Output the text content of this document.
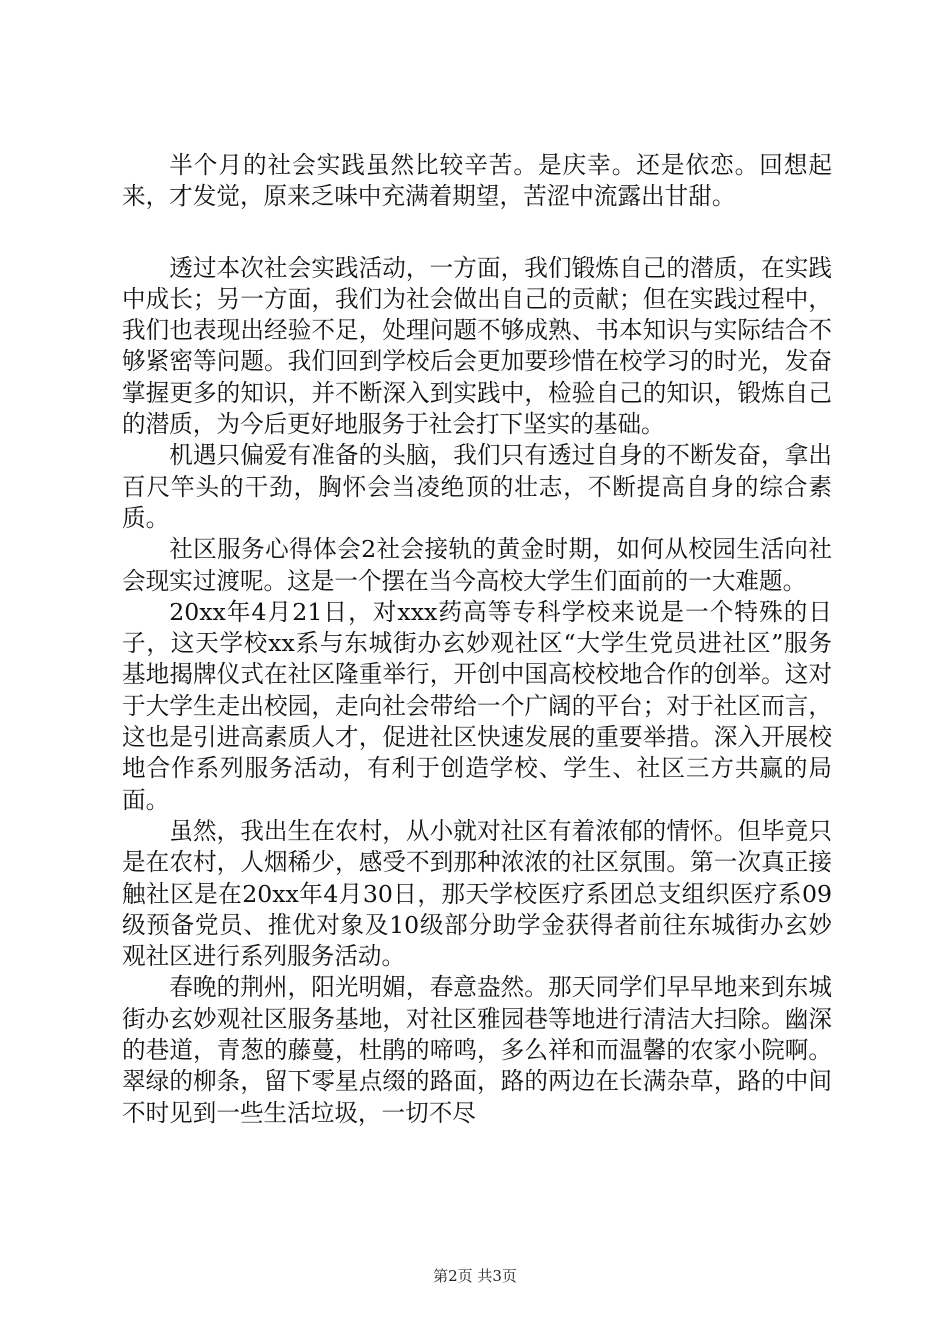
半个月的社会实践虽然比较辛苦。是庆幸。还是依恋。回想起来，才发觉，原来乏味中充满着期望，苦涩中流露出甘甜。

透过本次社会实践活动，一方面，我们锻炼自己的潜质，在实践中成长；另一方面，我们为社会做出自己的贡献；但在实践过程中，我们也表现出经验不足，处理问题不够成熟、书本知识与实际结合不够紧密等问题。我们回到学校后会更加要珍惜在校学习的时光，发奋掌握更多的知识，并不断深入到实践中，检验自己的知识，锻炼自己的潜质，为今后更好地服务于社会打下坚实的基础。

机遇只偏爱有准备的头脑，我们只有透过自身的不断发奋，拿出百尺竿头的干劲，胸怀会当凌绝顶的壮志，不断提高自身的综合素质。

社区服务心得体会2社会接轨的黄金时期，如何从校园生活向社会现实过渡呢。这是一个摆在当今高校大学生们面前的一大难题。

20xx年4月21日，对xxx药高等专科学校来说是一个特殊的日子，这天学校xx系与东城街办玄妙观社区“大学生党员进社区”服务基地揭牌仪式在社区隆重举行，开创中国高校校地合作的创举。这对于大学生走出校园，走向社会带给一个广阔的平台；对于社区而言，这也是引进高素质人才，促进社区快速发展的重要举措。深入开展校地合作系列服务活动，有利于创造学校、学生、社区三方共赢的局面。

虽然，我出生在农村，从小就对社区有着浓郁的情怀。但毕竟只是在农村，人烟稀少，感受不到那种浓浓的社区氛围。第一次真正接触社区是在20xx年4月30日，那天学校医疗系团总支组织医疗系09级预备党员、推优对象及10级部分助学金获得者前往东城街办玄妙观社区进行系列服务活动。

春晚的荆州，阳光明媚，春意盎然。那天同学们早早地来到东城街办玄妙观社区服务基地，对社区雅园巷等地进行清洁大扫除。幽深的巷道，青葱的藤蔓，杜鹃的啼鸣，多么祥和而温馨的农家小院啊。翠绿的柳条，留下零星点缀的路面，路的两边在长满杂草，路的中间不时见到一些生活垃圾，一切不尽

第2页 共3页
